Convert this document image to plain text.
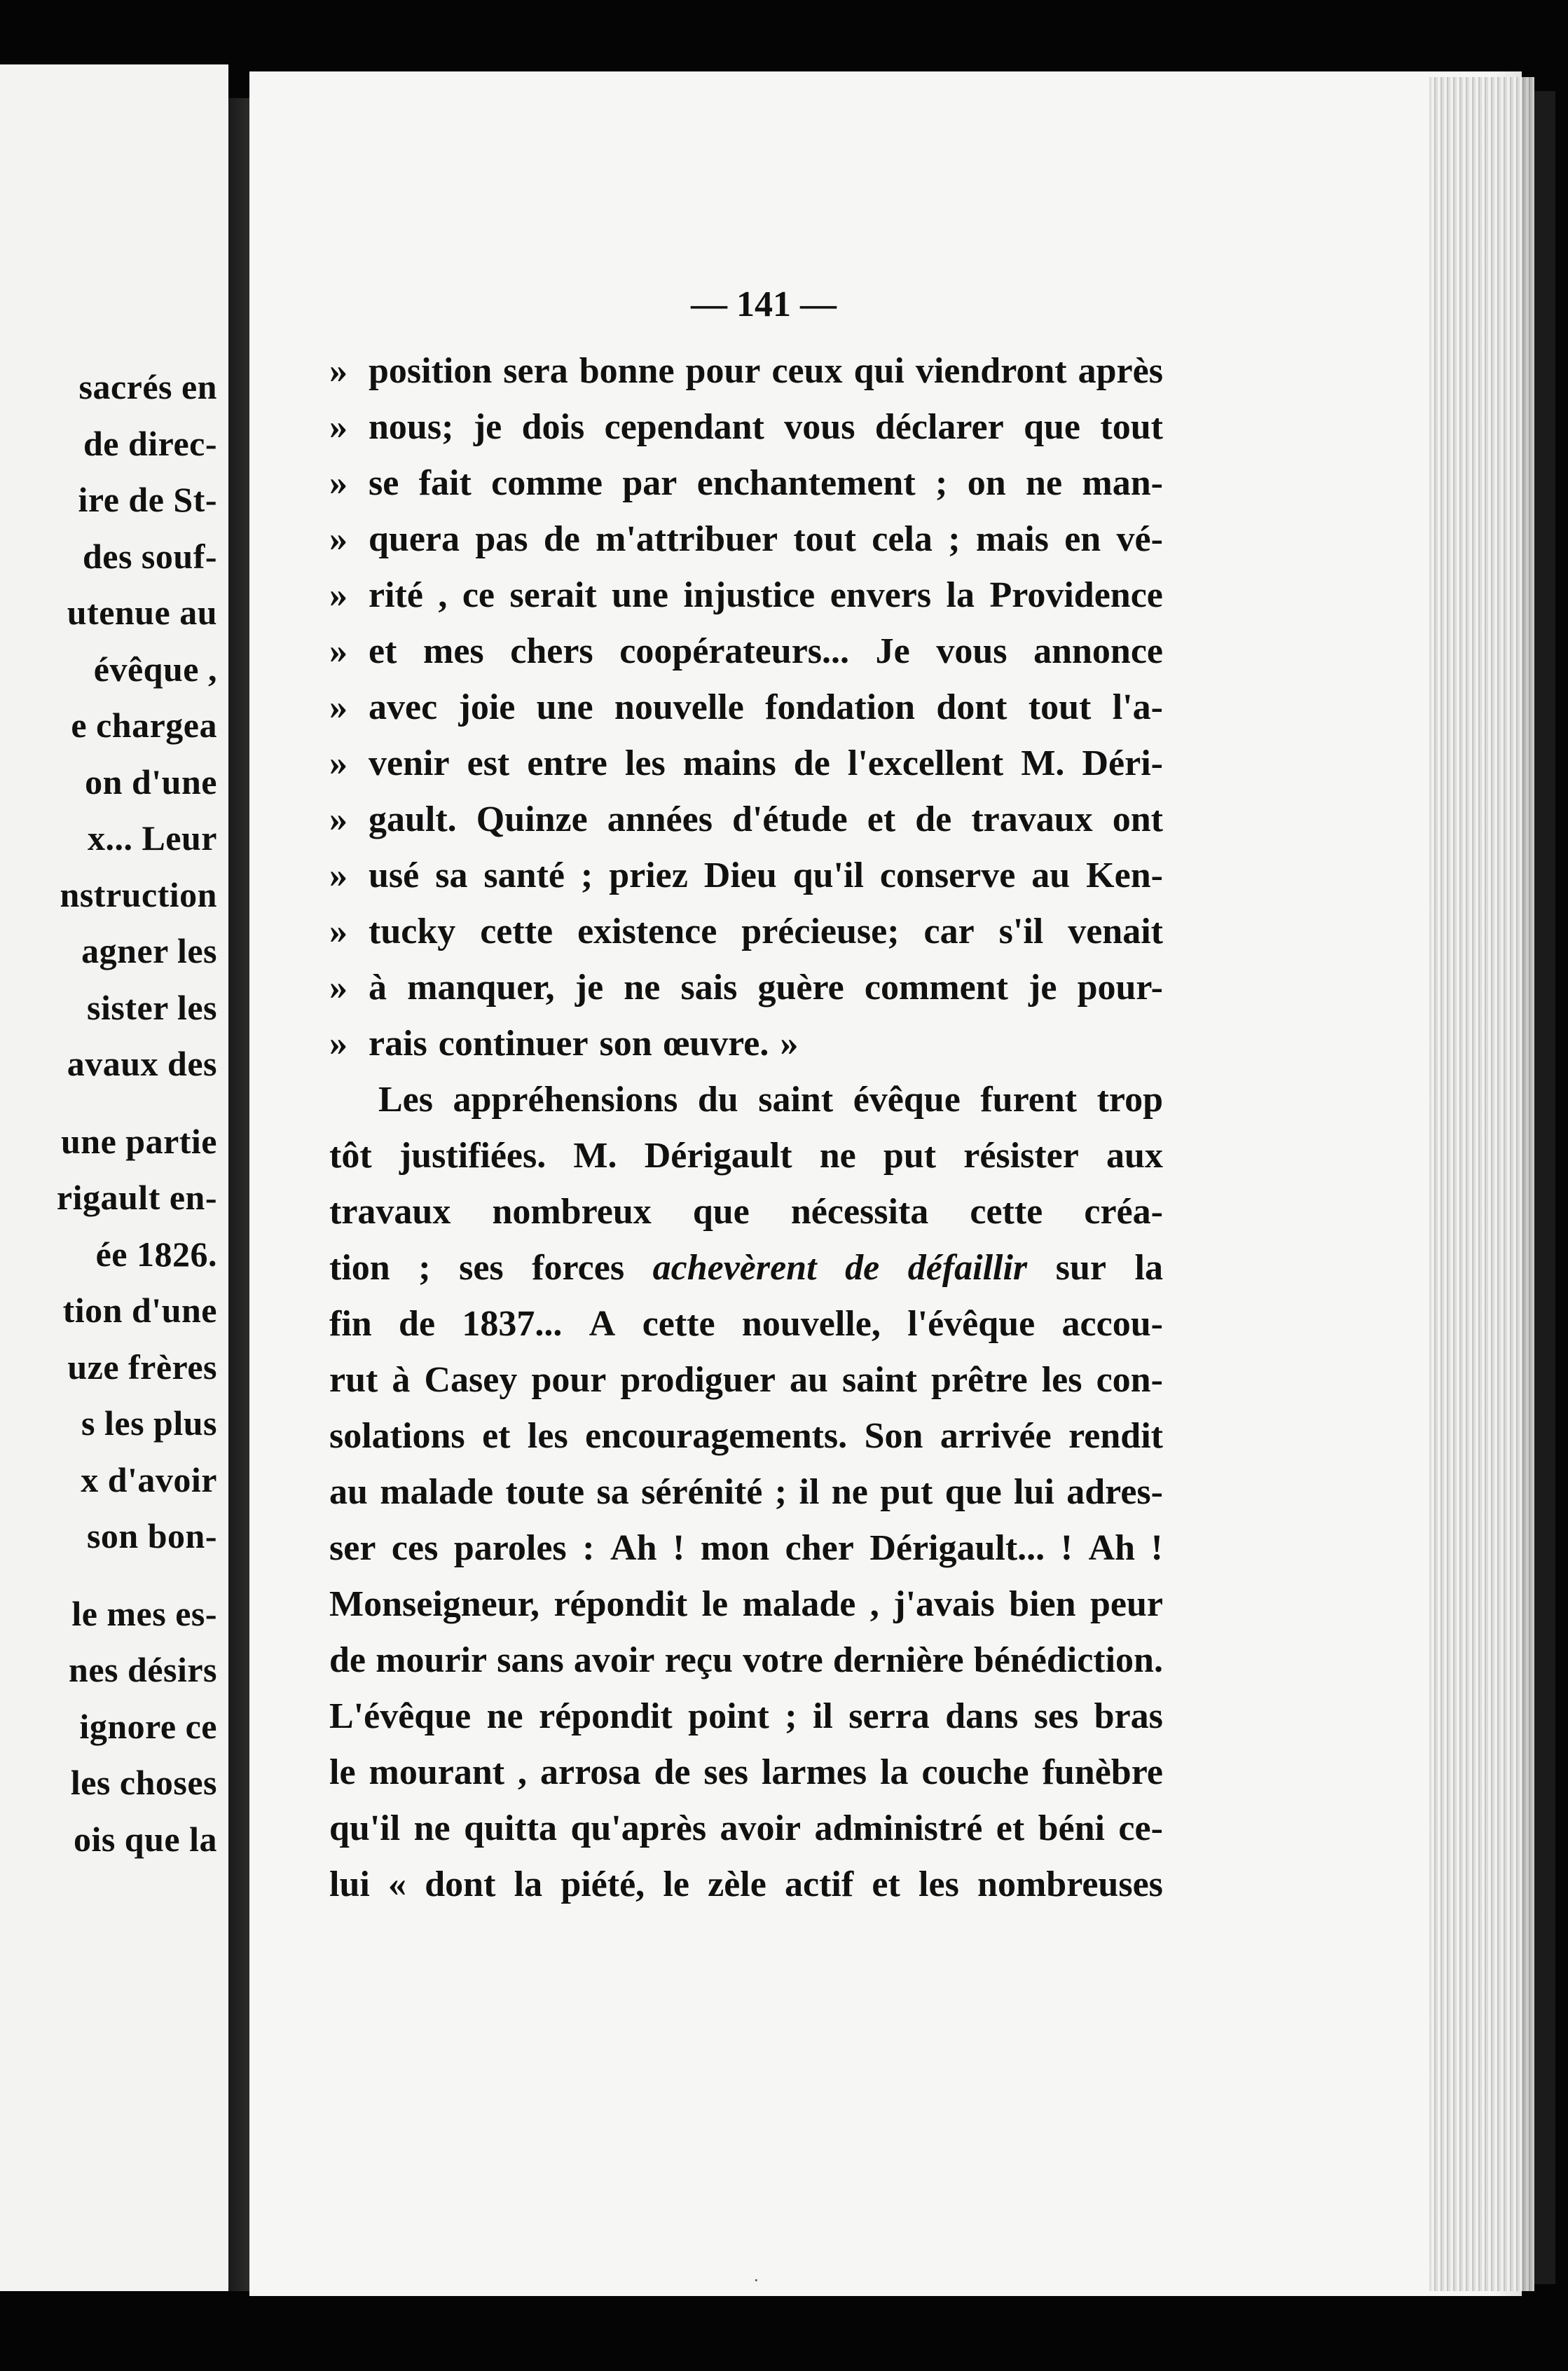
sacrés en
de direc-
ire de St-
des souf-
utenue au
évêque ,
e chargea
on d'une
x... Leur
nstruction
agner les
sister les
avaux des
une partie
rigault en-
ée 1826.
tion d'une
uze frères
s les plus
x d'avoir
son bon-
le mes es-
nes désirs
ignore ce
les choses
ois que la
— 141 —
» position sera bonne pour ceux qui viendront après
» nous; je dois cependant vous déclarer que tout
» se fait comme par enchantement ; on ne man-
» quera pas de m'attribuer tout cela ; mais en vé-
» rité , ce serait une injustice envers la Providence
» et mes chers coopérateurs... Je vous annonce
» avec joie une nouvelle fondation dont tout l'a-
» venir est entre les mains de l'excellent M. Déri-
» gault. Quinze années d'étude et de travaux ont
» usé sa santé ; priez Dieu qu'il conserve au Ken-
» tucky cette existence précieuse; car s'il venait
» à manquer, je ne sais guère comment je pour-
» rais continuer son œuvre. »
Les appréhensions du saint évêque furent trop
tôt justifiées. M. Dérigault ne put résister aux
travaux nombreux que nécessita cette créa-
tion ; ses forces achevèrent de défaillir sur la
fin de 1837... A cette nouvelle, l'évêque accou-
rut à Casey pour prodiguer au saint prêtre les con-
solations et les encouragements. Son arrivée rendit
au malade toute sa sérénité ; il ne put que lui adres-
ser ces paroles : Ah ! mon cher Dérigault... ! Ah !
Monseigneur, répondit le malade , j'avais bien peur
de mourir sans avoir reçu votre dernière bénédiction.
L'évêque ne répondit point ; il serra dans ses bras
le mourant , arrosa de ses larmes la couche funèbre
qu'il ne quitta qu'après avoir administré et béni ce-
lui « dont la piété, le zèle actif et les nombreuses
·
